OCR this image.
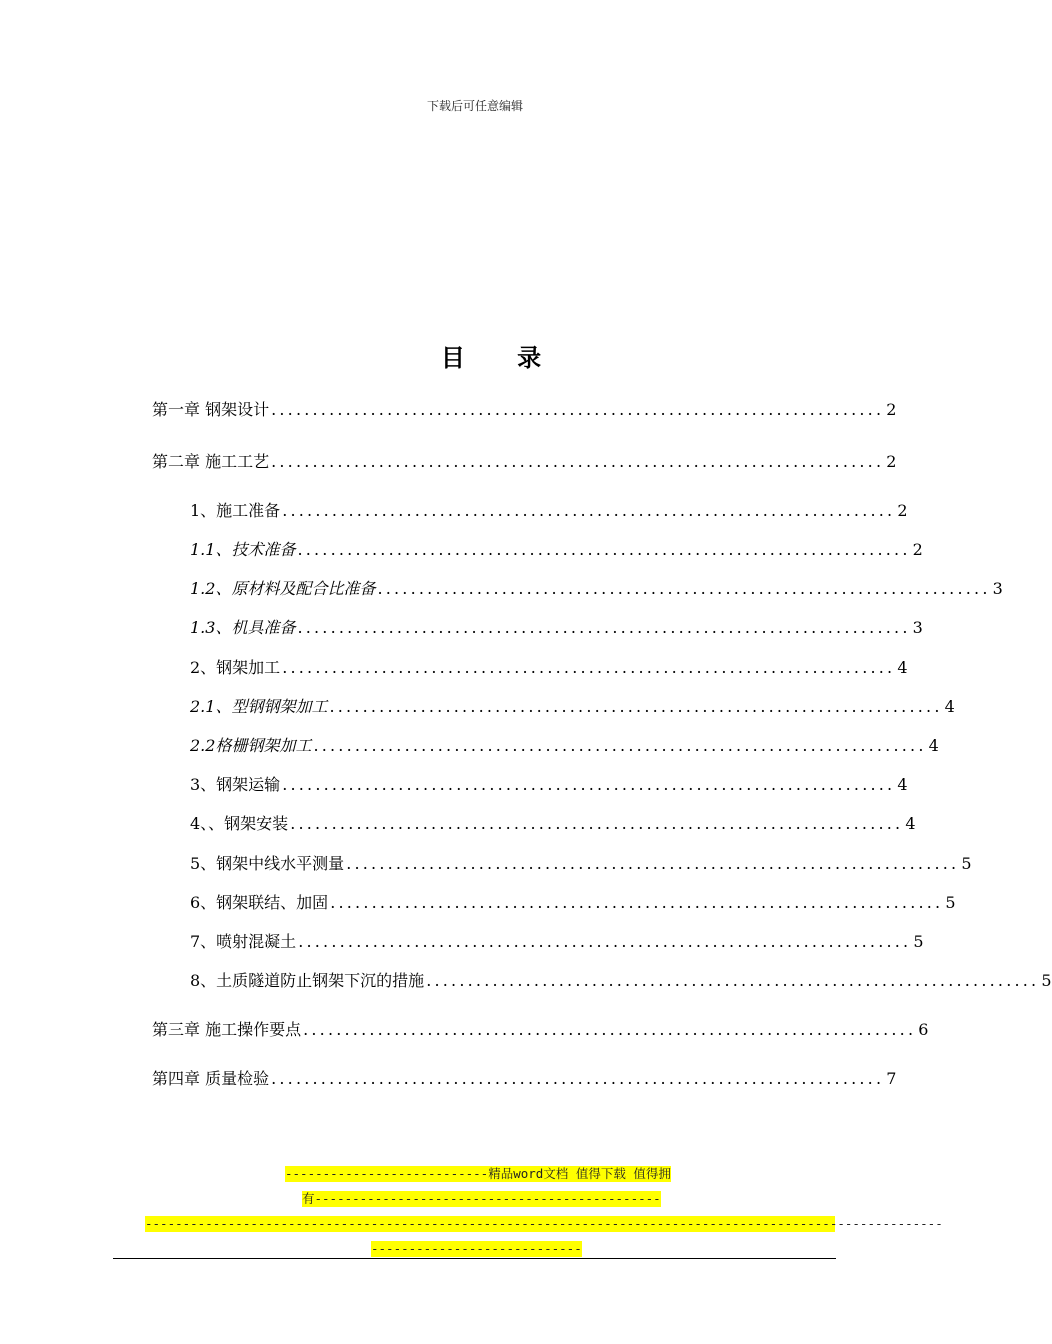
下载后可任意编辑
目 录
第一章 钢架设计 .......................................................................... 2
第二章 施工工艺 .......................................................................... 2
1、施工准备 .......................................................................... 2
1.1、技术准备 .......................................................................... 2
1.2、原材料及配合比准备 .......................................................................... 3
1.3、机具准备 .......................................................................... 3
2、钢架加工 .......................................................................... 4
2.1、型钢钢架加工 .......................................................................... 4
2.2格栅钢架加工 .......................................................................... 4
3、钢架运输 .......................................................................... 4
4、、钢架安装 .......................................................................... 4
5、钢架中线水平测量 .......................................................................... 5
6、钢架联结、加固 .......................................................................... 5
7、喷射混凝土 .......................................................................... 5
8、土质隧道防止钢架下沉的措施 .......................................................................... 5
第三章 施工操作要点 .......................................................................... 6
第四章 质量检验 .......................................................................... 7
---------------------------精品word文档 值得下载 值得拥
有----------------------------------------------
----------------------------------------------------------------------------------------------------------
----------------------------
